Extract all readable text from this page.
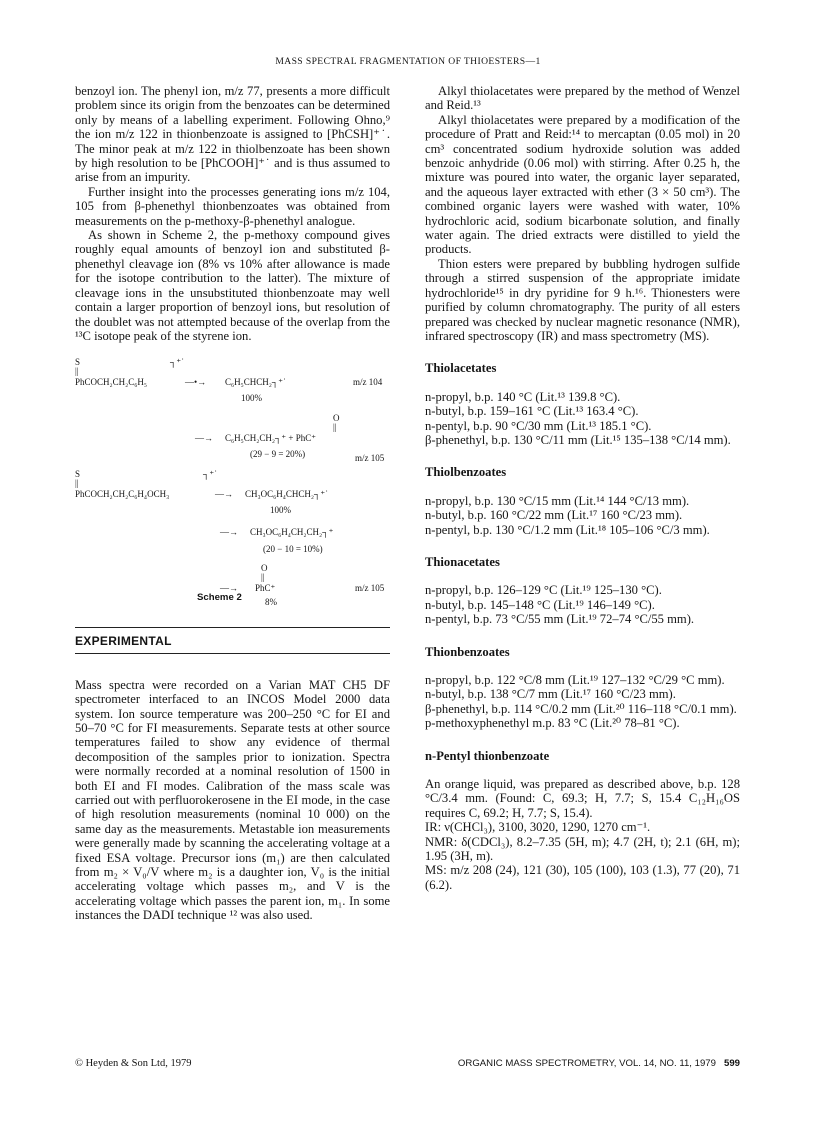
MASS SPECTRAL FRAGMENTATION OF THIOESTERS—1

benzoyl ion. The phenyl ion, m/z 77, presents a more difficult problem since its origin from the benzoates can be determined only by means of a labelling experiment. Following Ohno,⁹ the ion m/z 122 in thionbenzoate is assigned to [PhCSH]⁺˙. The minor peak at m/z 122 in thiolbenzoate has been shown by high resolution to be [PhCOOH]⁺˙ and is thus assumed to arise from an impurity.

Further insight into the processes generating ions m/z 104, 105 from β-phenethyl thionbenzoates was obtained from measurements on the p-methoxy-β-phenethyl analogue.

As shown in Scheme 2, the p-methoxy compound gives roughly equal amounts of benzoyl ion and substituted β-phenethyl cleavage ion (8% vs 10% after allowance is made for the isotope contribution to the latter). The mixture of cleavage ions in the unsubstituted thionbenzoate may well contain a larger proportion of benzoyl ions, but resolution of the doublet was not attempted because of the overlap from the ¹³C isotope peak of the styrene ion.

S
||
┐⁺˙
PhCOCH₂CH₂C₆H₅	—•→ C₆H₅CHCH₂┐⁺˙	m/z 104
100%
O
||
—→ C₆H₅CH₂CH₂┐⁺ + PhC⁺
(29 − 9 = 20%)	m/z 105
S
||
┐⁺˙
PhCOCH₂CH₂C₆H₄OCH₃	—→ CH₃OC₆H₄CHCH₂┐⁺˙
100%
—→ CH₃OC₆H₄CH₂CH₂┐⁺
(20 − 10 = 10%)
O
||
—→ PhC⁺	m/z 105
8%
Scheme 2
EXPERIMENTAL

Mass spectra were recorded on a Varian MAT CH5 DF spectrometer interfaced to an INCOS Model 2000 data system. Ion source temperature was 200–250 °C for EI and 50–70 °C for FI measurements. Separate tests at other source temperatures failed to show any evidence of thermal decomposition of the samples prior to ionization. Spectra were normally recorded at a nominal resolution of 1500 in both EI and FI modes. Calibration of the mass scale was carried out with perfluorokerosene in the EI mode, in the case of high resolution measurements (nominal 10 000) on the same day as the measurements. Metastable ion measurements were generally made by scanning the accelerating voltage at a fixed ESA voltage. Precursor ions (m₁) are then calculated from m₂ × V₀/V where m₂ is a daughter ion, V₀ is the initial accelerating voltage which passes m₂, and V is the accelerating voltage which passes the parent ion, m₁. In some instances the DADI technique ¹² was also used.

Alkyl thiolacetates were prepared by the method of Wenzel and Reid.¹³

Alkyl thiolacetates were prepared by a modification of the procedure of Pratt and Reid:¹⁴ to mercaptan (0.05 mol) in 20 cm³ concentrated sodium hydroxide solution was added benzoic anhydride (0.06 mol) with stirring. After 0.25 h, the mixture was poured into water, the organic layer separated, and the aqueous layer extracted with ether (3 × 50 cm³). The combined organic layers were washed with water, 10% hydrochloric acid, sodium bicarbonate solution, and finally water again. The dried extracts were distilled to yield the products.

Thion esters were prepared by bubbling hydrogen sulfide through a stirred suspension of the appropriate imidate hydrochloride¹⁵ in dry pyridine for 9 h.¹⁶. Thionesters were purified by column chromatography. The purity of all esters prepared was checked by nuclear magnetic resonance (NMR), infrared spectroscopy (IR) and mass spectrometry (MS).

Thiolacetates

n-propyl, b.p. 140 °C (Lit.¹³ 139.8 °C).

n-butyl, b.p. 159–161 °C (Lit.¹³ 163.4 °C).

n-pentyl, b.p. 90 °C/30 mm (Lit.¹³ 185.1 °C).

β-phenethyl, b.p. 130 °C/11 mm (Lit.¹⁵ 135–138 °C/14 mm).

Thiolbenzoates

n-propyl, b.p. 130 °C/15 mm (Lit.¹⁴ 144 °C/13 mm).

n-butyl, b.p. 160 °C/22 mm (Lit.¹⁷ 160 °C/23 mm).

n-pentyl, b.p. 130 °C/1.2 mm (Lit.¹⁸ 105–106 °C/3 mm).

Thionacetates

n-propyl, b.p. 126–129 °C (Lit.¹⁹ 125–130 °C).

n-butyl, b.p. 145–148 °C (Lit.¹⁹ 146–149 °C).

n-pentyl, b.p. 73 °C/55 mm (Lit.¹⁹ 72–74 °C/55 mm).

Thionbenzoates

n-propyl, b.p. 122 °C/8 mm (Lit.¹⁹ 127–132 °C/29 °C mm).

n-butyl, b.p. 138 °C/7 mm (Lit.¹⁷ 160 °C/23 mm).

β-phenethyl, b.p. 114 °C/0.2 mm (Lit.²⁰ 116–118 °C/0.1 mm).

p-methoxyphenethyl m.p. 83 °C (Lit.²⁰ 78–81 °C).

n-Pentyl thionbenzoate

An orange liquid, was prepared as described above, b.p. 128 °C/3.4 mm. (Found: C, 69.3; H, 7.7; S, 15.4 C₁₂H₁₆OS requires C, 69.2; H, 7.7; S, 15.4).

IR: ν(CHCl₃), 3100, 3020, 1290, 1270 cm⁻¹.

NMR: δ(CDCl₃), 8.2–7.35 (5H, m); 4.7 (2H, t); 2.1 (6H, m); 1.95 (3H, m).

MS: m/z 208 (24), 121 (30), 105 (100), 103 (1.3), 77 (20), 71 (6.2).

© Heyden & Son Ltd, 1979	ORGANIC MASS SPECTROMETRY, VOL. 14, NO. 11, 1979 599
